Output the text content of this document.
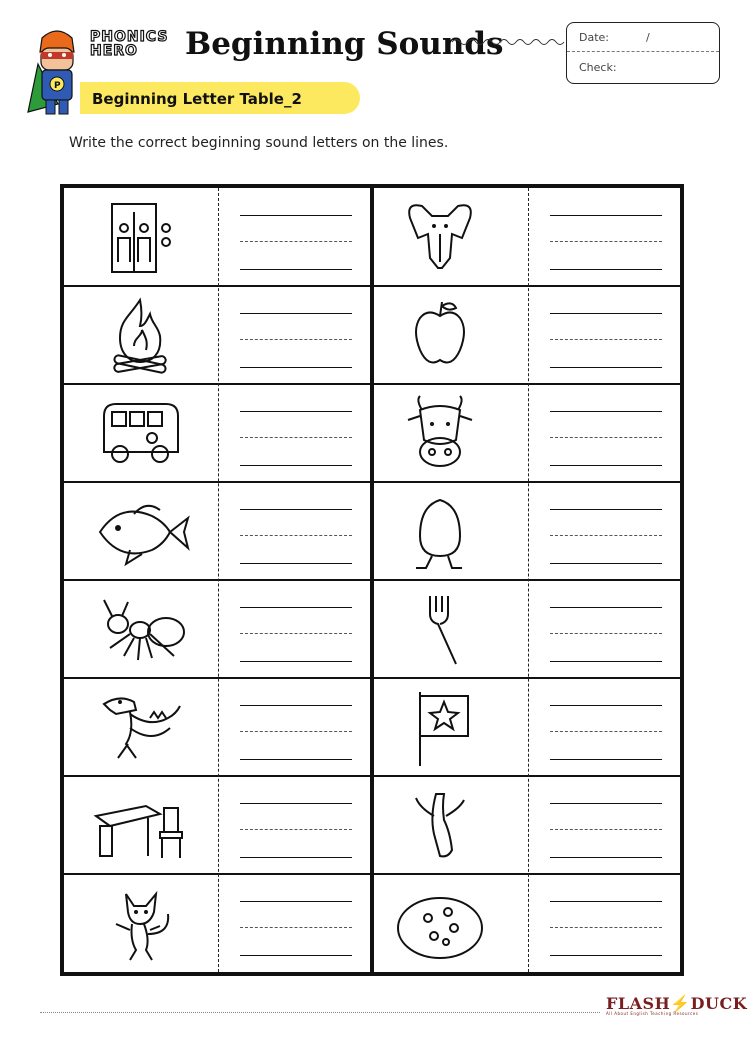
P
PHONICS
HERO	Beginning Sounds	Date:	/
Check:
Beginning Letter Table_2
Write the correct beginning sound letters on the lines.
FLASH⚡DUCK
All About English Teaching Resources
